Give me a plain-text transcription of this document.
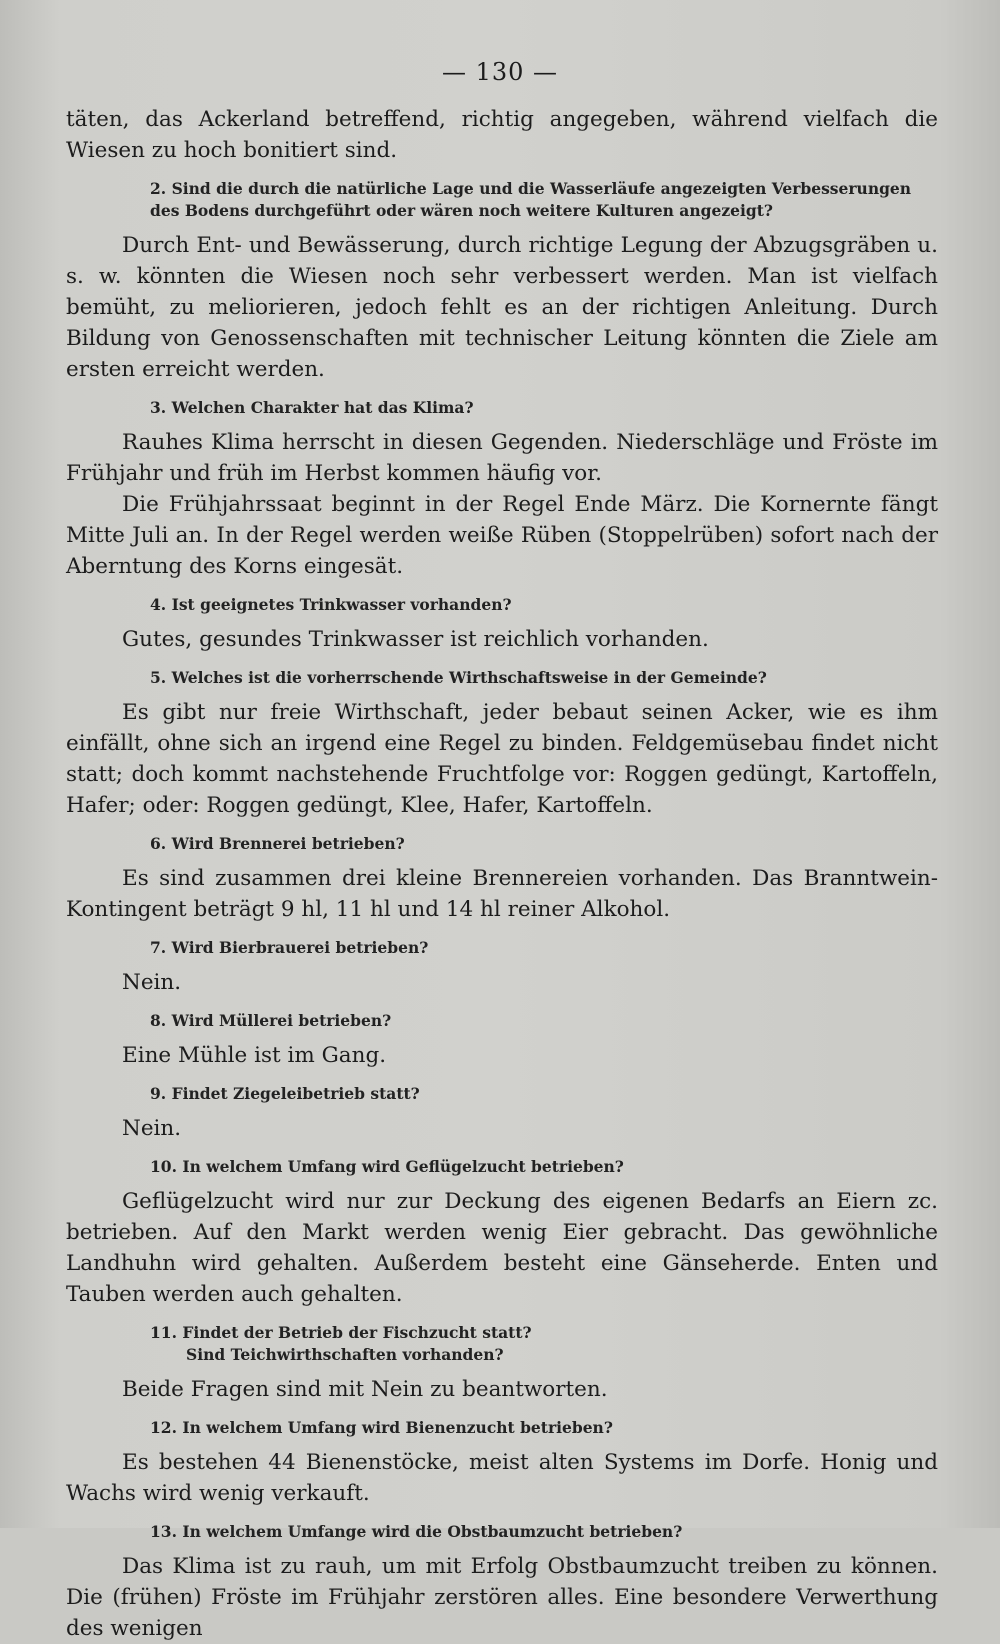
— 130 —

täten, das Ackerland betreffend, richtig angegeben, während vielfach die Wiesen zu hoch bonitiert sind.

2. Sind die durch die natürliche Lage und die Wasserläufe angezeigten Verbesserungen des Bodens durchgeführt oder wären noch weitere Kulturen angezeigt?

Durch Ent- und Bewässerung, durch richtige Legung der Abzugsgräben u. s. w. könnten die Wiesen noch sehr verbessert werden. Man ist vielfach bemüht, zu meliorieren, jedoch fehlt es an der richtigen Anleitung. Durch Bildung von Genossenschaften mit technischer Leitung könnten die Ziele am ersten erreicht werden.

3. Welchen Charakter hat das Klima?

Rauhes Klima herrscht in diesen Gegenden. Niederschläge und Fröste im Frühjahr und früh im Herbst kommen häufig vor.

Die Frühjahrssaat beginnt in der Regel Ende März. Die Kornernte fängt Mitte Juli an. In der Regel werden weiße Rüben (Stoppelrüben) sofort nach der Aberntung des Korns eingesät.

4. Ist geeignetes Trinkwasser vorhanden?

Gutes, gesundes Trinkwasser ist reichlich vorhanden.

5. Welches ist die vorherrschende Wirthschaftsweise in der Gemeinde?

Es gibt nur freie Wirthschaft, jeder bebaut seinen Acker, wie es ihm einfällt, ohne sich an irgend eine Regel zu binden. Feldgemüsebau findet nicht statt; doch kommt nachstehende Fruchtfolge vor: Roggen gedüngt, Kartoffeln, Hafer; oder: Roggen gedüngt, Klee, Hafer, Kartoffeln.

6. Wird Brennerei betrieben?

Es sind zusammen drei kleine Brennereien vorhanden. Das Branntwein-Kontingent beträgt 9 hl, 11 hl und 14 hl reiner Alkohol.

7. Wird Bierbrauerei betrieben?

Nein.

8. Wird Müllerei betrieben?

Eine Mühle ist im Gang.

9. Findet Ziegeleibetrieb statt?

Nein.

10. In welchem Umfang wird Geflügelzucht betrieben?

Geflügelzucht wird nur zur Deckung des eigenen Bedarfs an Eiern zc. betrieben. Auf den Markt werden wenig Eier gebracht. Das gewöhnliche Landhuhn wird gehalten. Außerdem besteht eine Gänseherde. Enten und Tauben werden auch gehalten.

11. Findet der Betrieb der Fischzucht statt?
Sind Teichwirthschaften vorhanden?

Beide Fragen sind mit Nein zu beantworten.

12. In welchem Umfang wird Bienenzucht betrieben?

Es bestehen 44 Bienenstöcke, meist alten Systems im Dorfe. Honig und Wachs wird wenig verkauft.

13. In welchem Umfange wird die Obstbaumzucht betrieben?

Das Klima ist zu rauh, um mit Erfolg Obstbaumzucht treiben zu können. Die (frühen) Fröste im Frühjahr zerstören alles. Eine besondere Verwerthung des wenigen
